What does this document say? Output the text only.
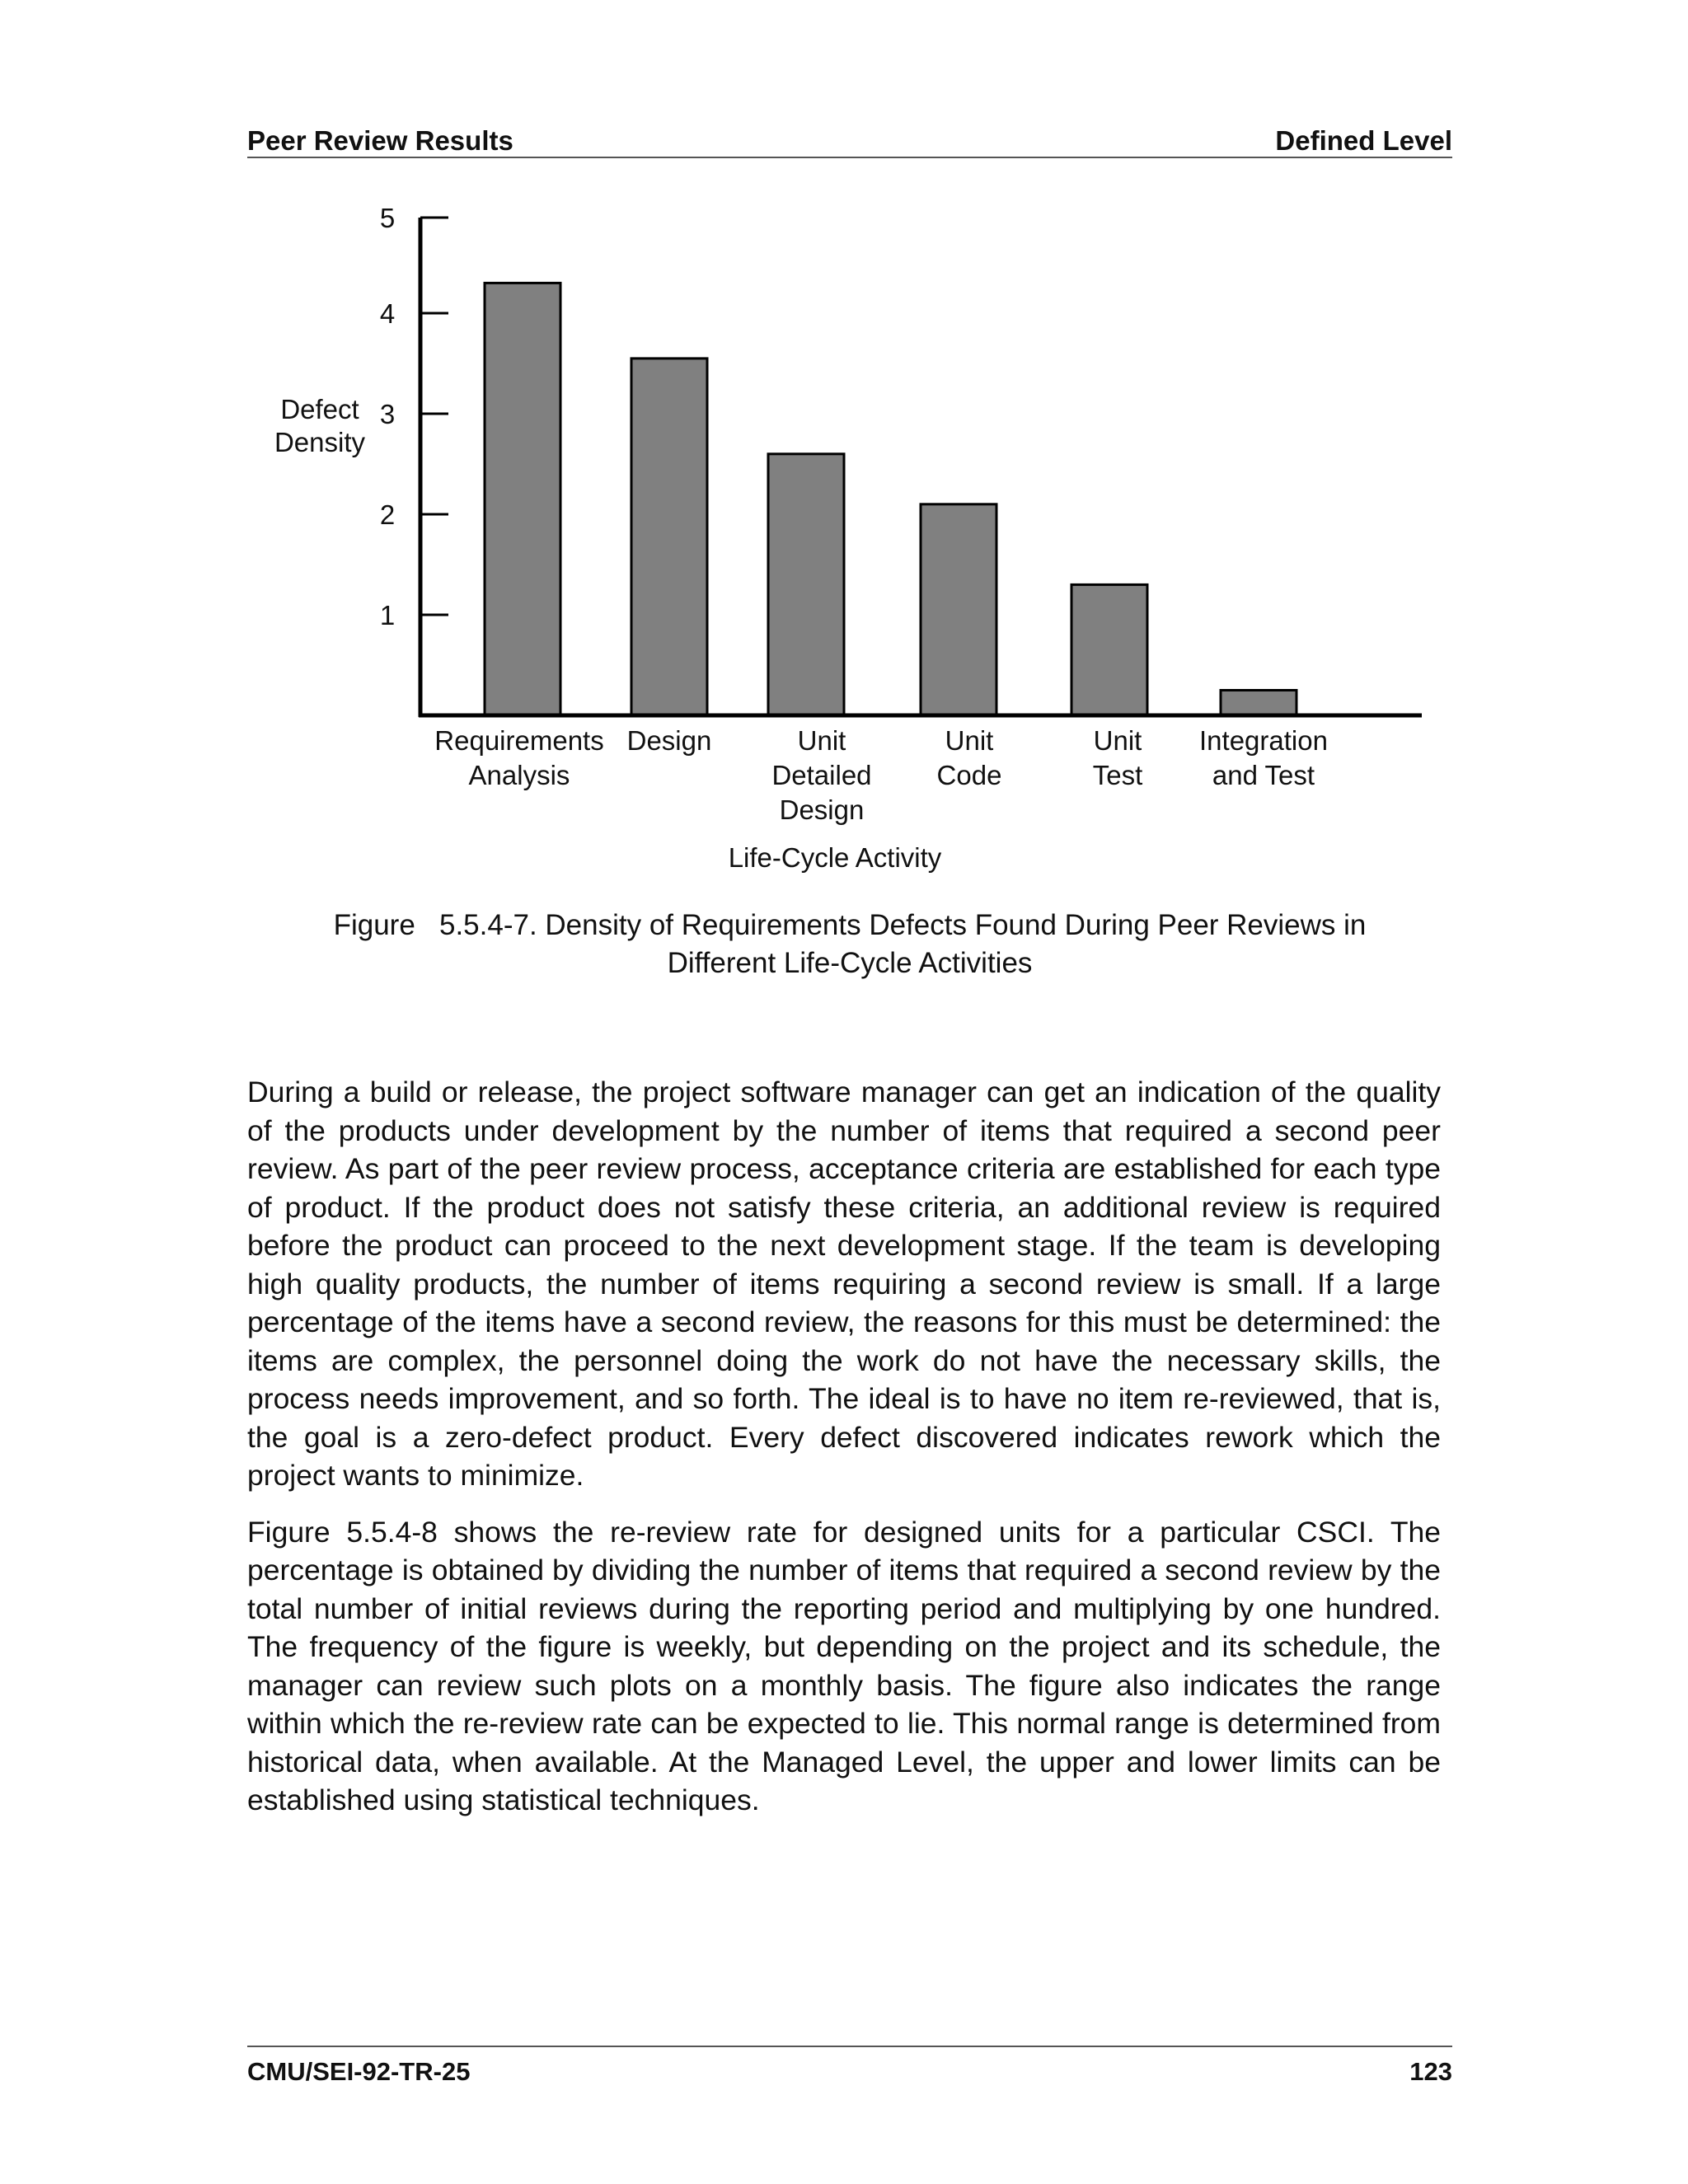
Peer Review Results	Defined Level
Defect
Density
1
2
3
4
5
Requirements
Analysis
Design	Unit
Detailed
Design
Unit
Code
Unit
Test
Integration
and Test
Life-Cycle Activity
Figure   5.5.4-7. Density of Requirements Defects Found During Peer Reviews in
Different Life-Cycle Activities

During a build or release, the project software manager can get an indication of the quality of the products under development by the number of items that required a second peer review. As part of the peer review process, acceptance criteria are established for each type of product. If the product does not satisfy these criteria, an additional review is required before the product can proceed to the next development stage. If the team is developing high quality products, the number of items requiring a second review is small. If a large percentage of the items have a second review, the reasons for this must be determined: the items are complex, the personnel doing the work do not have the necessary skills, the process needs improvement, and so forth. The ideal is to have no item re-reviewed, that is, the goal is a zero-defect product. Every defect discovered indicates rework which the project wants to minimize.

Figure 5.5.4-8 shows the re-review rate for designed units for a particular CSCI. The percentage is obtained by dividing the number of items that required a second review by the total number of initial reviews during the reporting period and multiplying by one hundred. The frequency of the figure is weekly, but depending on the project and its schedule, the manager can review such plots on a monthly basis. The figure also indicates the range within which the re-review rate can be expected to lie. This normal range is determined from historical data, when available. At the Managed Level, the upper and lower limits can be established using statistical techniques.

CMU/SEI-92-TR-25	123
